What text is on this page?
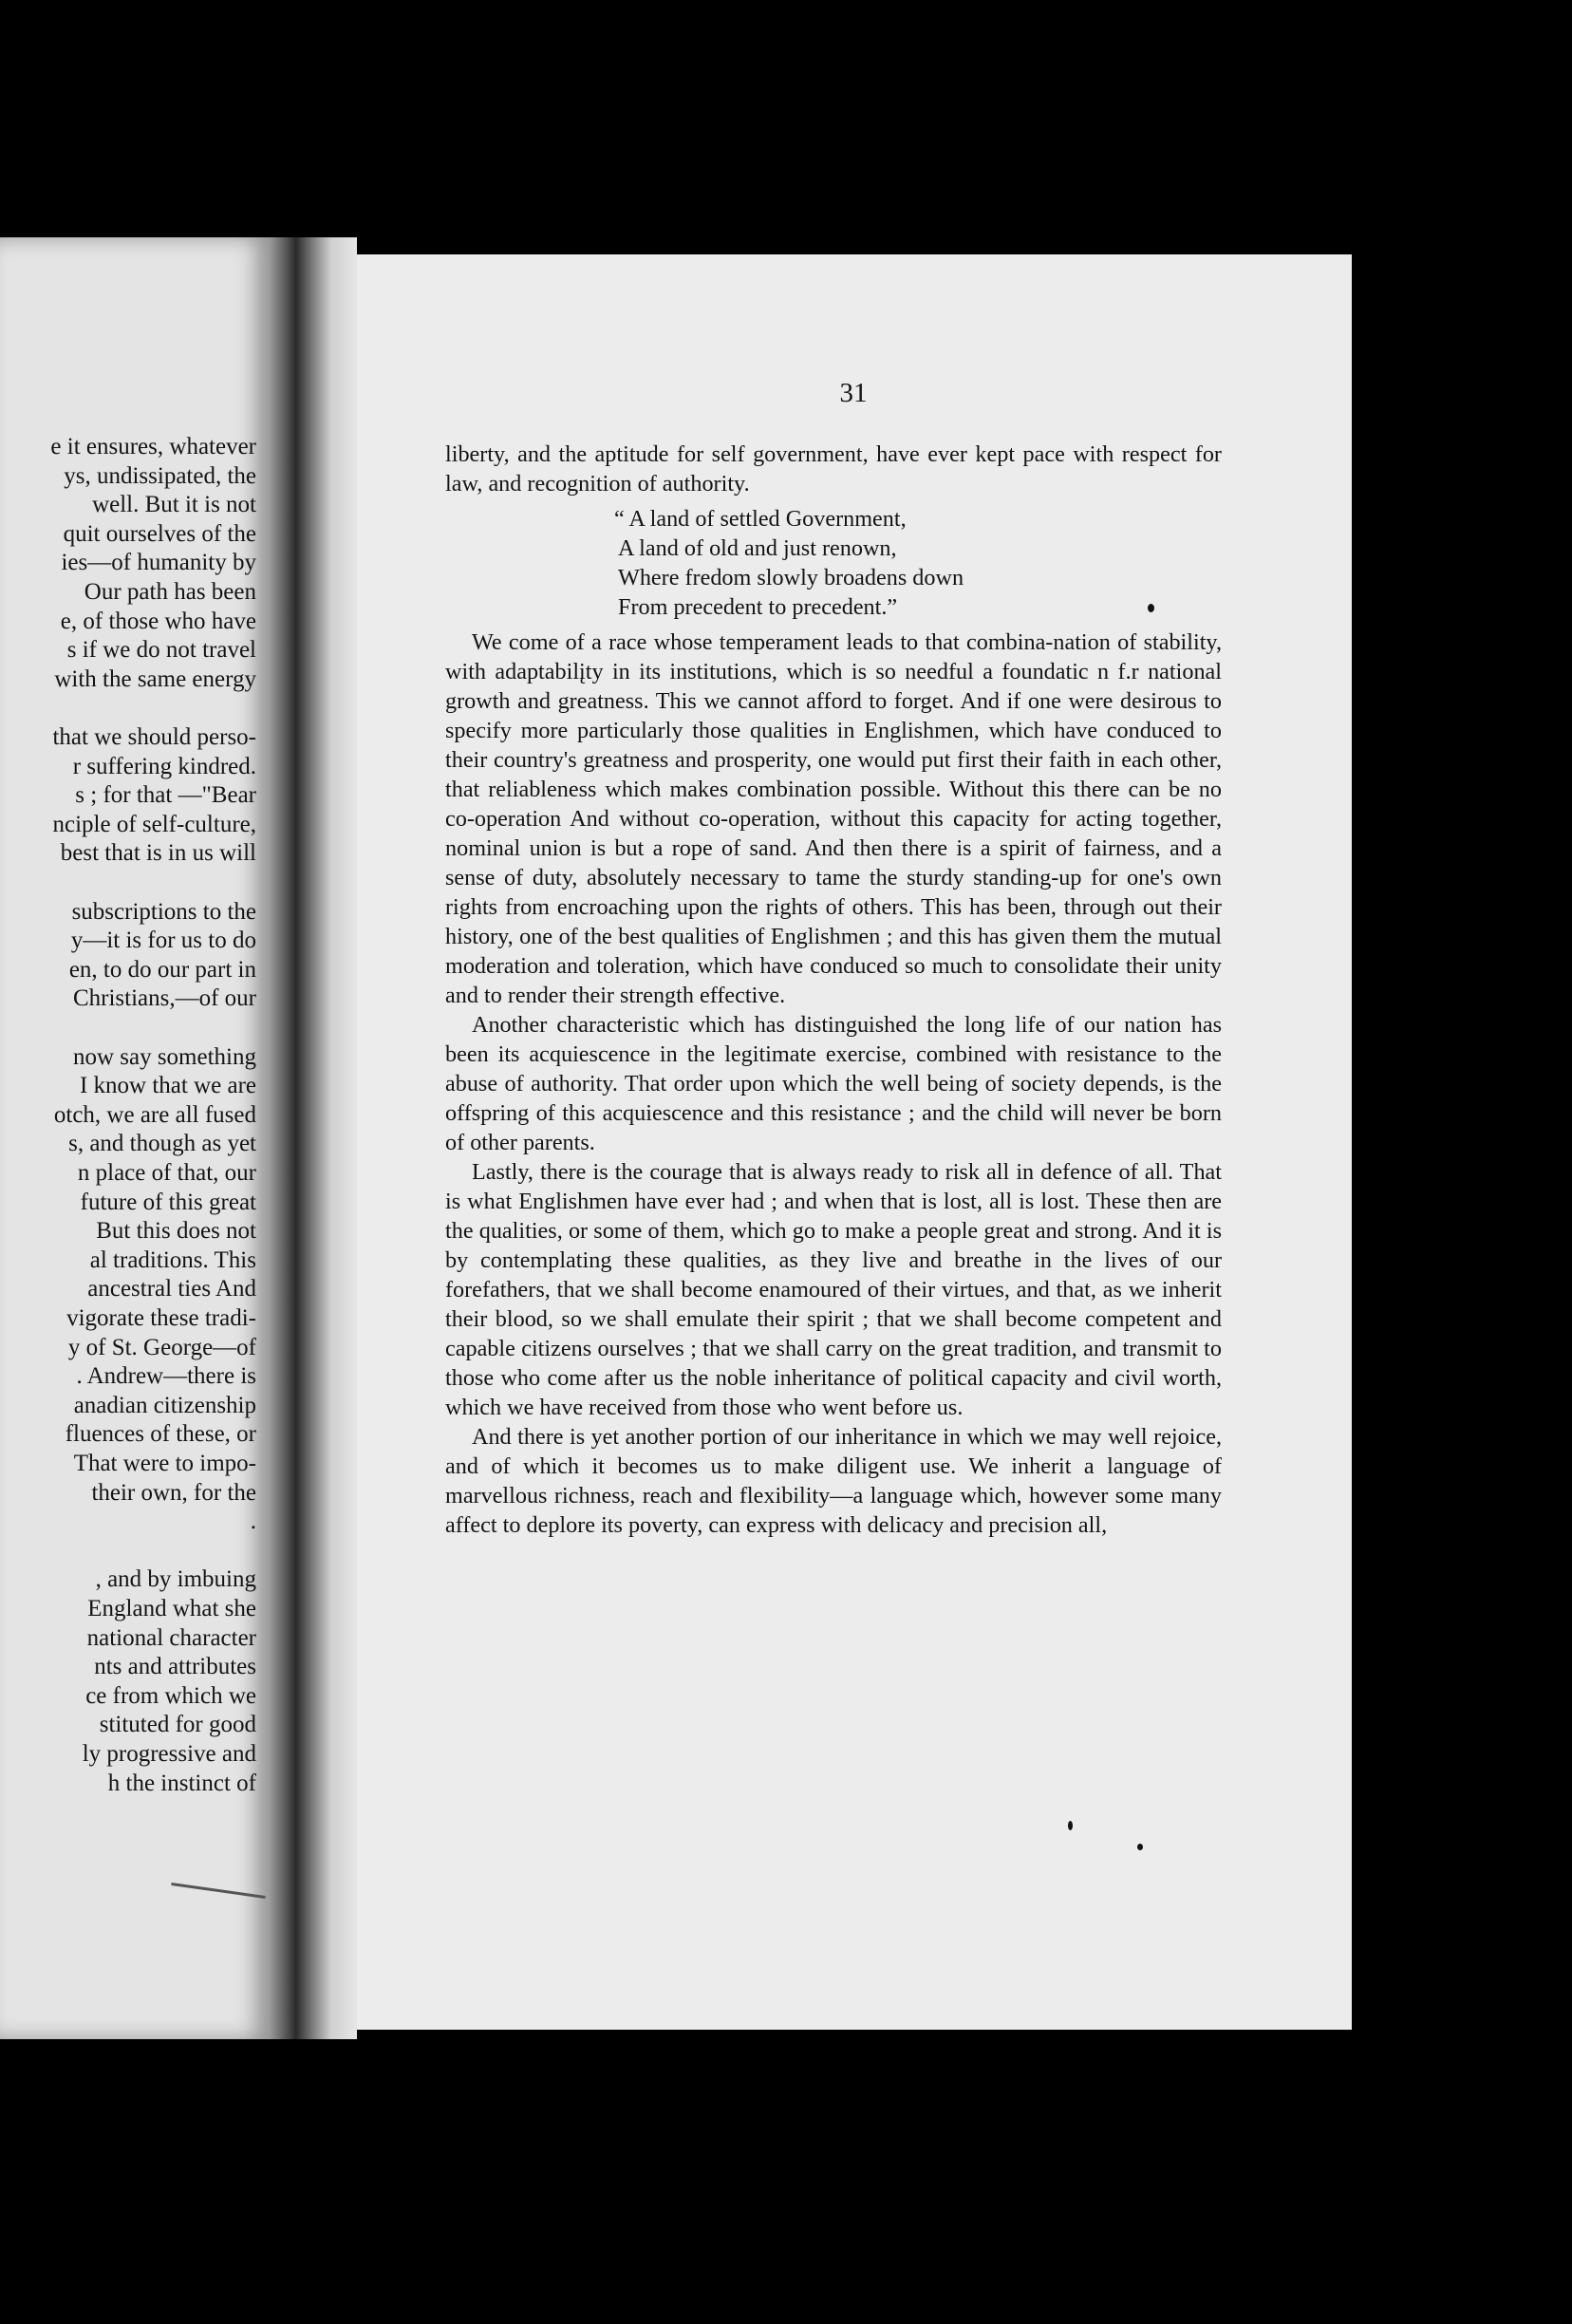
e it ensures, whatever
ys, undissipated, the
well. But it is not
quit ourselves of the
ies—of humanity by
Our path has been
e, of those who have
s if we do not travel
with the same energy
that we should perso-
r suffering kindred.
s ; for that —"Bear
nciple of self-culture,
best that is in us will
subscriptions to the
y—it is for us to do
en, to do our part in
Christians,—of our
now say something
I know that we are
otch, we are all fused
s, and though as yet
n place of that, our
future of this great
But this does not
al traditions. This
ancestral ties And
vigorate these tradi-
y of St. George—of
. Andrew—there is
anadian citizenship
fluences of these, or
That were to impo-
their own, for the
.
, and by imbuing
England what she
national character
nts and attributes
ce from which we
stituted for good
ly progressive and
h the instinct of
31

liberty, and the aptitude for self government, have ever kept pace with respect for law, and recognition of authority.

“ A land of settled Government,
A land of old and just renown,
Where fredom slowly broadens down
From precedent to precedent.”

We come of a race whose temperament leads to that combina-nation of stability, with adaptabilįty in its institutions, which is so needful a foundatic n f.r national growth and greatness. This we cannot afford to forget. And if one were desirous to specify more particularly those qualities in Englishmen, which have conduced to their country's greatness and prosperity, one would put first their faith in each other, that reliableness which makes combination possible. Without this there can be no co-operation And without co-operation, without this capacity for acting together, nominal union is but a rope of sand. And then there is a spirit of fairness, and a sense of duty, absolutely necessary to tame the sturdy standing-up for one's own rights from encroaching upon the rights of others. This has been, through out their history, one of the best qualities of Englishmen ; and this has given them the mutual moderation and toleration, which have conduced so much to consolidate their unity and to render their strength effective.

Another characteristic which has distinguished the long life of our nation has been its acquiescence in the legitimate exercise, combined with resistance to the abuse of authority. That order upon which the well being of society depends, is the offspring of this acquiescence and this resistance ; and the child will never be born of other parents.

Lastly, there is the courage that is always ready to risk all in defence of all. That is what Englishmen have ever had ; and when that is lost, all is lost. These then are the qualities, or some of them, which go to make a people great and strong. And it is by contemplating these qualities, as they live and breathe in the lives of our forefathers, that we shall become enamoured of their virtues, and that, as we inherit their blood, so we shall emulate their spirit ; that we shall become competent and capable citizens ourselves ; that we shall carry on the great tradition, and transmit to those who come after us the noble inheritance of political capacity and civil worth, which we have received from those who went before us.

And there is yet another portion of our inheritance in which we may well rejoice, and of which it becomes us to make diligent use. We inherit a language of marvellous richness, reach and flexibility—a language which, however some many affect to deplore its poverty, can express with delicacy and precision all,
